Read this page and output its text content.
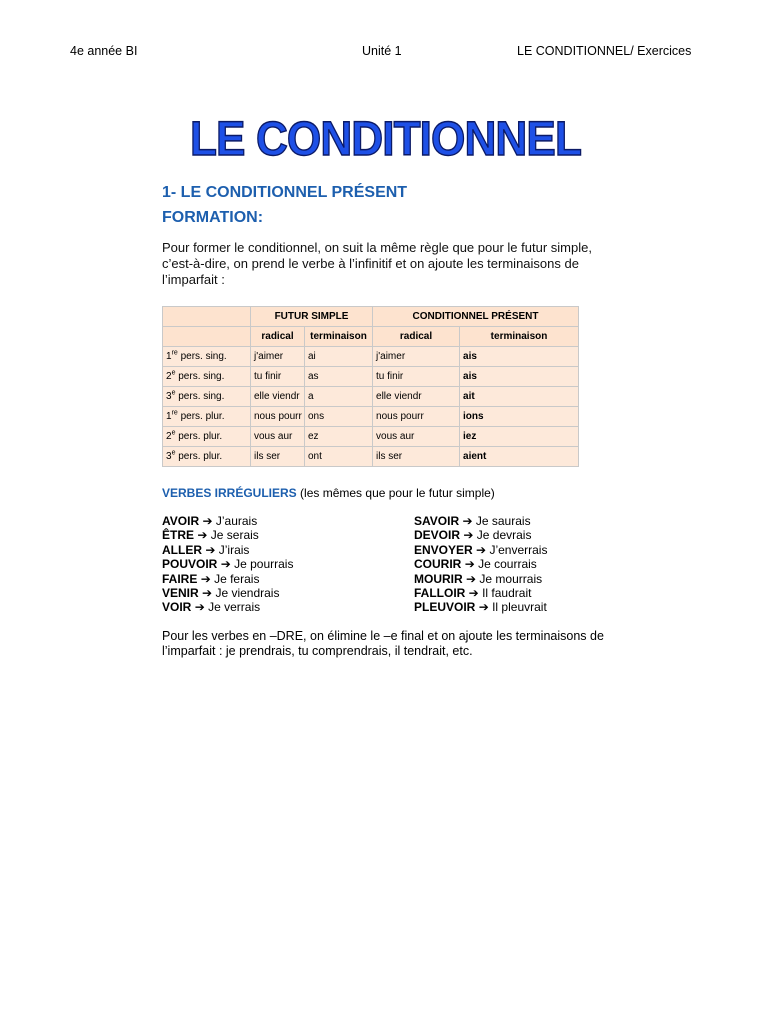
4e année BI	Unité 1	LE CONDITIONNEL/ Exercices
LE CONDITIONNEL
1- LE CONDITIONNEL PRÉSENT
FORMATION:

Pour former le conditionnel, on suit la même règle que pour le futur simple, c’est-à-dire, on prend le verbe à l’infinitif et on ajoute les terminaisons de l’imparfait :

	FUTUR SIMPLE		CONDITIONNEL PRÉSENT	
	radical	terminaison	radical	terminaison
1re pers. sing.	j'aimer	ai	j'aimer	ais
2e pers. sing.	tu finir	as	tu finir	ais
3e pers. sing.	elle viendr	a	elle viendr	ait
1re pers. plur.	nous pourr	ons	nous pourr	ions
2e pers. plur.	vous aur	ez	vous aur	iez
3e pers. plur.	ils ser	ont	ils ser	aient

VERBES IRRÉGULIERS (les mêmes que pour le futur simple)

AVOIR ➔ J’aurais
ÊTRE ➔ Je serais
ALLER ➔ J’irais
POUVOIR ➔ Je pourrais
FAIRE ➔ Je ferais
VENIR ➔ Je viendrais
VOIR ➔ Je verrais
SAVOIR ➔ Je saurais
DEVOIR ➔ Je devrais
ENVOYER ➔ J’enverrais
COURIR ➔ Je courrais
MOURIR ➔ Je mourrais
FALLOIR ➔ Il faudrait
PLEUVOIR ➔ Il pleuvrait

Pour les verbes en –DRE, on élimine le –e final et on ajoute les terminaisons de l’imparfait : je prendrais, tu comprendrais, il tendrait, etc.
